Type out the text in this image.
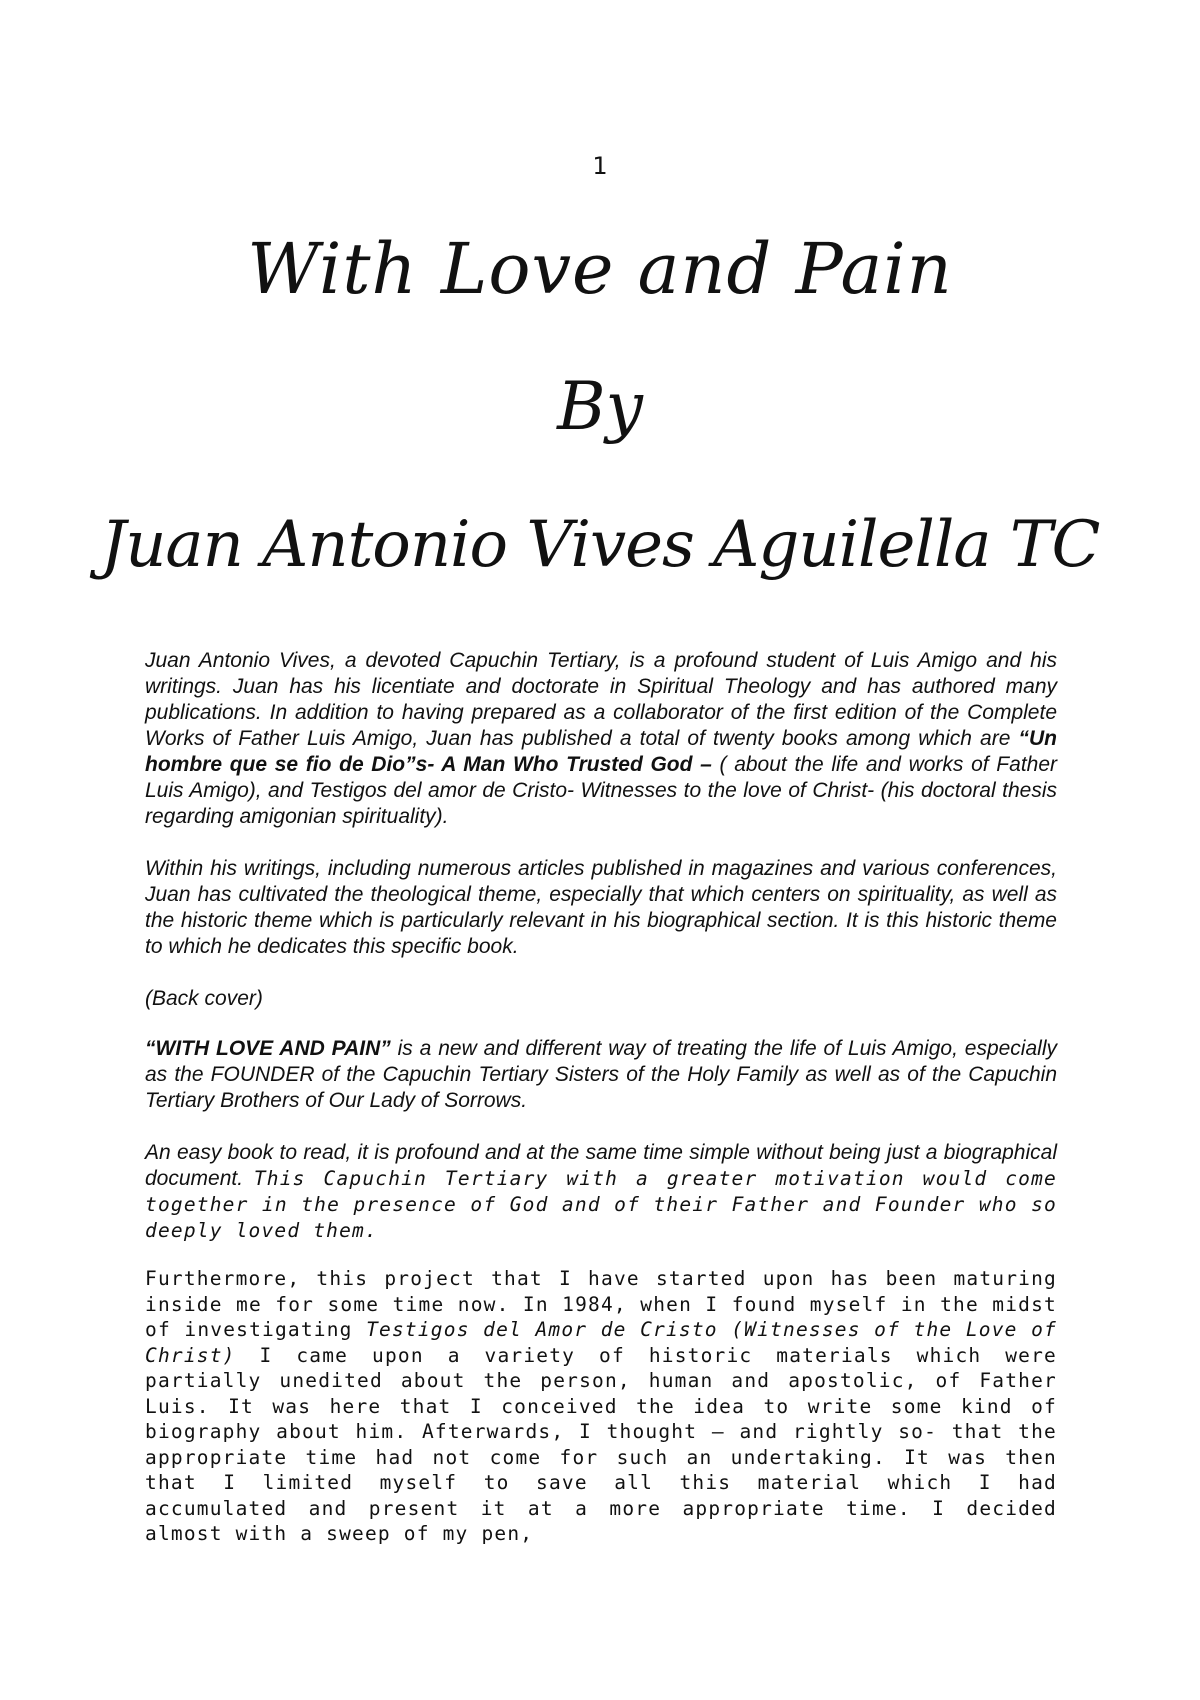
1
With Love and Pain
By
Juan Antonio Vives Aguilella TC

Juan Antonio Vives, a devoted Capuchin Tertiary, is a profound student of Luis Amigo and his writings. Juan has his licentiate and doctorate in Spiritual Theology and has authored many publications. In addition to having prepared as a collaborator of the first edition of the Complete Works of Father Luis Amigo, Juan has published a total of twenty books among which are “Un hombre que se fio de Dio”s- A Man Who Trusted God – ( about the life and works of Father Luis Amigo), and Testigos del amor de Cristo- Witnesses to the love of Christ- (his doctoral thesis regarding amigonian spirituality).

Within his writings, including numerous articles published in magazines and various conferences, Juan has cultivated the theological theme, especially that which centers on spirituality, as well as the historic theme which is particularly relevant in his biographical section. It is this historic theme to which he dedicates this specific book.

(Back cover)

“WITH LOVE AND PAIN” is a new and different way of treating the life of Luis Amigo, especially as the FOUNDER of the Capuchin Tertiary Sisters of the Holy Family as well as of the Capuchin Tertiary Brothers of Our Lady of Sorrows.

An easy book to read, it is profound and at the same time simple without being just a biographical document. This Capuchin Tertiary with a greater motivation would come together in the presence of God and of their Father and Founder who so deeply loved them.

Furthermore, this project that I have started upon has been maturing inside me for some time now. In 1984, when I found myself in the midst of investigating Testigos del Amor de Cristo (Witnesses of the Love of Christ) I came upon a variety of historic materials which were partially unedited about the person, human and apostolic, of Father Luis. It was here that I conceived the idea to write some kind of biography about him. Afterwards, I thought – and rightly so- that the appropriate time had not come for such an undertaking. It was then that I limited myself to save all this material which I had accumulated and present it at a more appropriate time. I decided almost with a sweep of my pen,
